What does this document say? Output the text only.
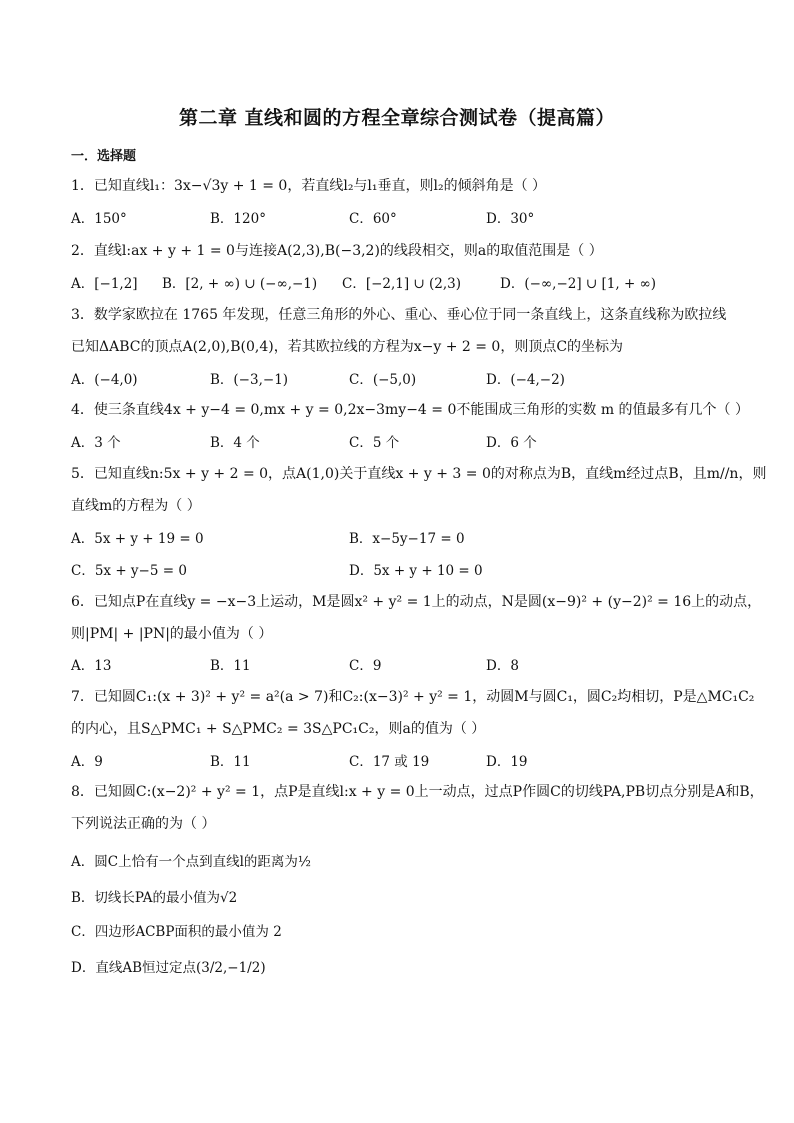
第二章 直线和圆的方程全章综合测试卷（提高篇）
一．选择题
1．已知直线l₁：3x−√3y + 1 = 0，若直线l₂与l₁垂直，则l₂的倾斜角是（ ）
A．150°	B．120°	C．60°	D．30°
2．直线l:ax + y + 1 = 0与连接A(2,3),B(−3,2)的线段相交，则a的取值范围是（ ）
A．[−1,2] B．[2, + ∞) ∪ (−∞,−1) C．[−2,1] ∪ (2,3)	D．(−∞,−2] ∪ [1, + ∞)
3．数学家欧拉在 1765 年发现，任意三角形的外心、重心、垂心位于同一条直线上，这条直线称为欧拉线
已知ΔABC的顶点A(2,0),B(0,4)，若其欧拉线的方程为x−y + 2 = 0，则顶点C的坐标为
A．(−4,0)	B．(−3,−1)	C．(−5,0)	D．(−4,−2)
4．使三条直线4x + y−4 = 0,mx + y = 0,2x−3my−4 = 0不能围成三角形的实数 m 的值最多有几个（ ）
A．3 个	B．4 个	C．5 个	D．6 个
5．已知直线n:5x + y + 2 = 0，点A(1,0)关于直线x + y + 3 = 0的对称点为B，直线m经过点B，且m//n，则
直线m的方程为（ ）
A．5x + y + 19 = 0	B．x−5y−17 = 0
C．5x + y−5 = 0	D．5x + y + 10 = 0
6．已知点P在直线y = −x−3上运动，M是圆x² + y² = 1上的动点，N是圆(x−9)² + (y−2)² = 16上的动点，
则|PM| + |PN|的最小值为（ ）
A．13	B．11	C．9	D．8
7．已知圆C₁:(x + 3)² + y² = a²(a > 7)和C₂:(x−3)² + y² = 1，动圆M与圆C₁，圆C₂均相切，P是△MC₁C₂
的内心，且S△PMC₁ + S△PMC₂ = 3S△PC₁C₂，则a的值为（ ）
A．9	B．11	C．17 或 19	D．19
8．已知圆C:(x−2)² + y² = 1，点P是直线l:x + y = 0上一动点，过点P作圆C的切线PA,PB切点分别是A和B，
下列说法正确的为（ ）
A．圆C上恰有一个点到直线l的距离为½
B．切线长PA的最小值为√2
C．四边形ACBP面积的最小值为 2
D．直线AB恒过定点(3/2,−1/2)
